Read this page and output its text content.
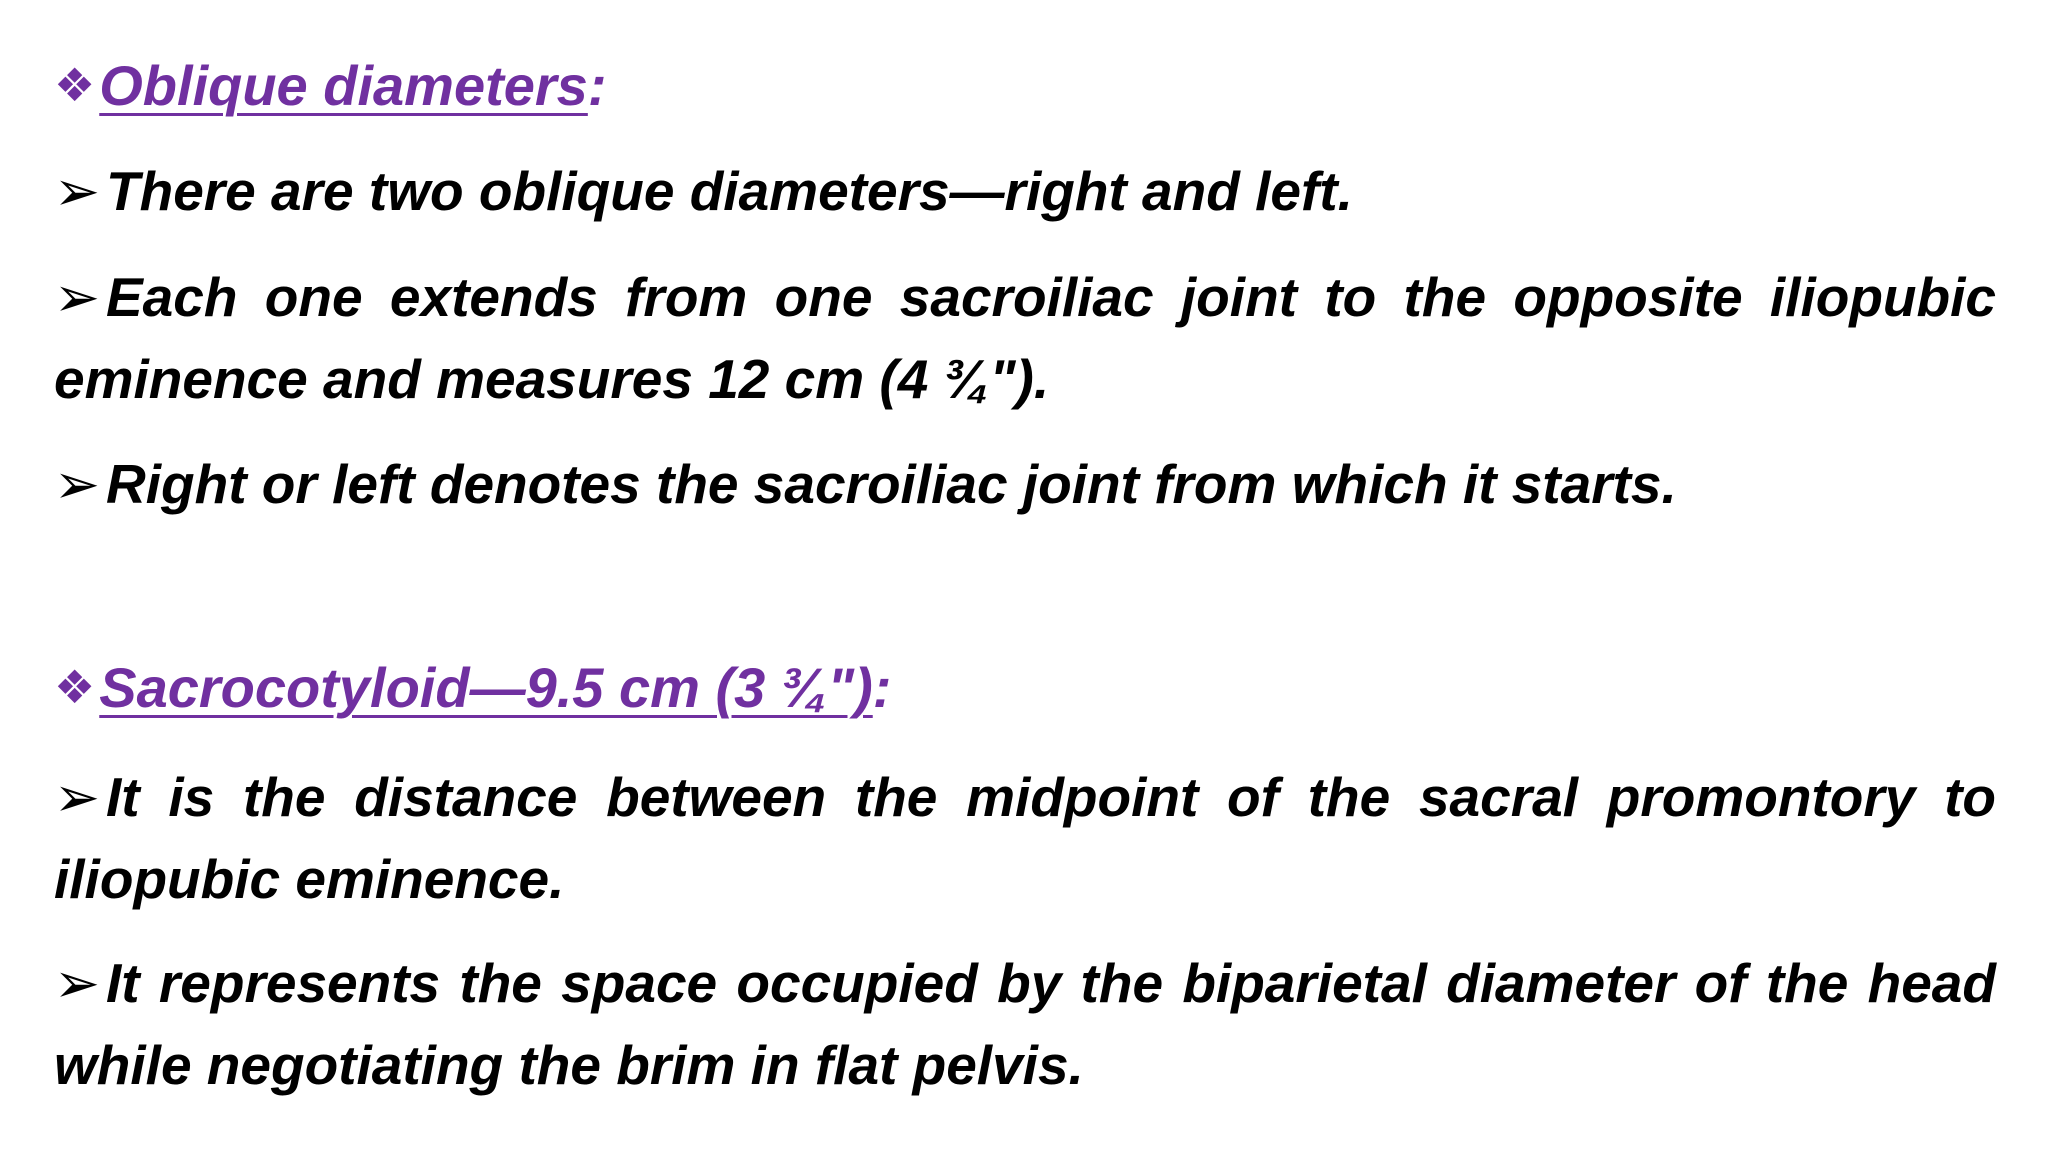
❖ Oblique diameters :
➢ There are two oblique diameters—right and left.
➢ Each one extends from one sacroiliac joint to the opposite iliopubic eminence and measures 12 cm (4 ¾").
➢ Right or left denotes the sacroiliac joint from which it starts.
❖ Sacrocotyloid—9.5 cm (3 ¾") :
➢ It is the distance between the midpoint of the sacral promontory to iliopubic eminence.
➢ It represents the space occupied by the biparietal diameter of the head while negotiating the brim in flat pelvis.
